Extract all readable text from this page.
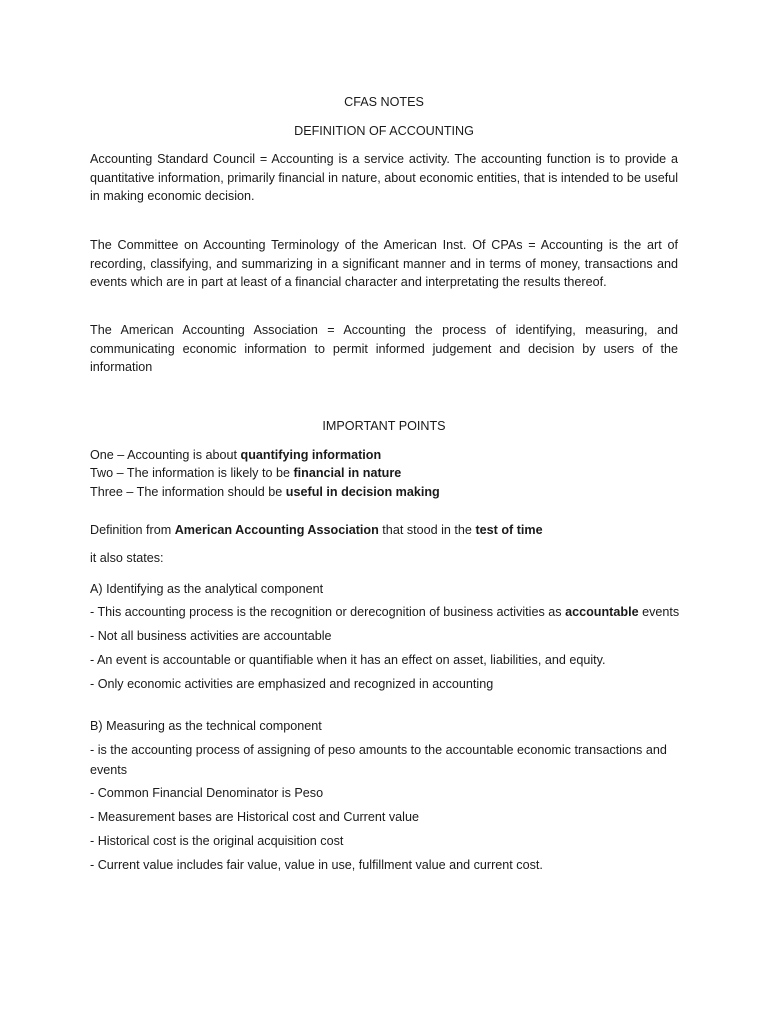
CFAS NOTES
DEFINITION OF ACCOUNTING

Accounting Standard Council = Accounting is a service activity. The accounting function is to provide a quantitative information, primarily financial in nature, about economic entities, that is intended to be useful in making economic decision.

The Committee on Accounting Terminology of the American Inst. Of CPAs = Accounting is the art of recording, classifying, and summarizing in a significant manner and in terms of money, transactions and events which are in part at least of a financial character and interpretating the results thereof.

The American Accounting Association = Accounting the process of identifying, measuring, and communicating economic information to permit informed judgement and decision by users of the information

IMPORTANT POINTS

One – Accounting is about quantifying information

Two – The information is likely to be financial in nature

Three – The information should be useful in decision making

Definition from American Accounting Association that stood in the test of time

it also states:

A) Identifying as the analytical component

- This accounting process is the recognition or derecognition of business activities as accountable events

- Not all business activities are accountable

- An event is accountable or quantifiable when it has an effect on asset, liabilities, and equity.

- Only economic activities are emphasized and recognized in accounting

B) Measuring as the technical component

- is the accounting process of assigning of peso amounts to the accountable economic transactions and events

- Common Financial Denominator is Peso

- Measurement bases are Historical cost and Current value

- Historical cost is the original acquisition cost

- Current value includes fair value, value in use, fulfillment value and current cost.
